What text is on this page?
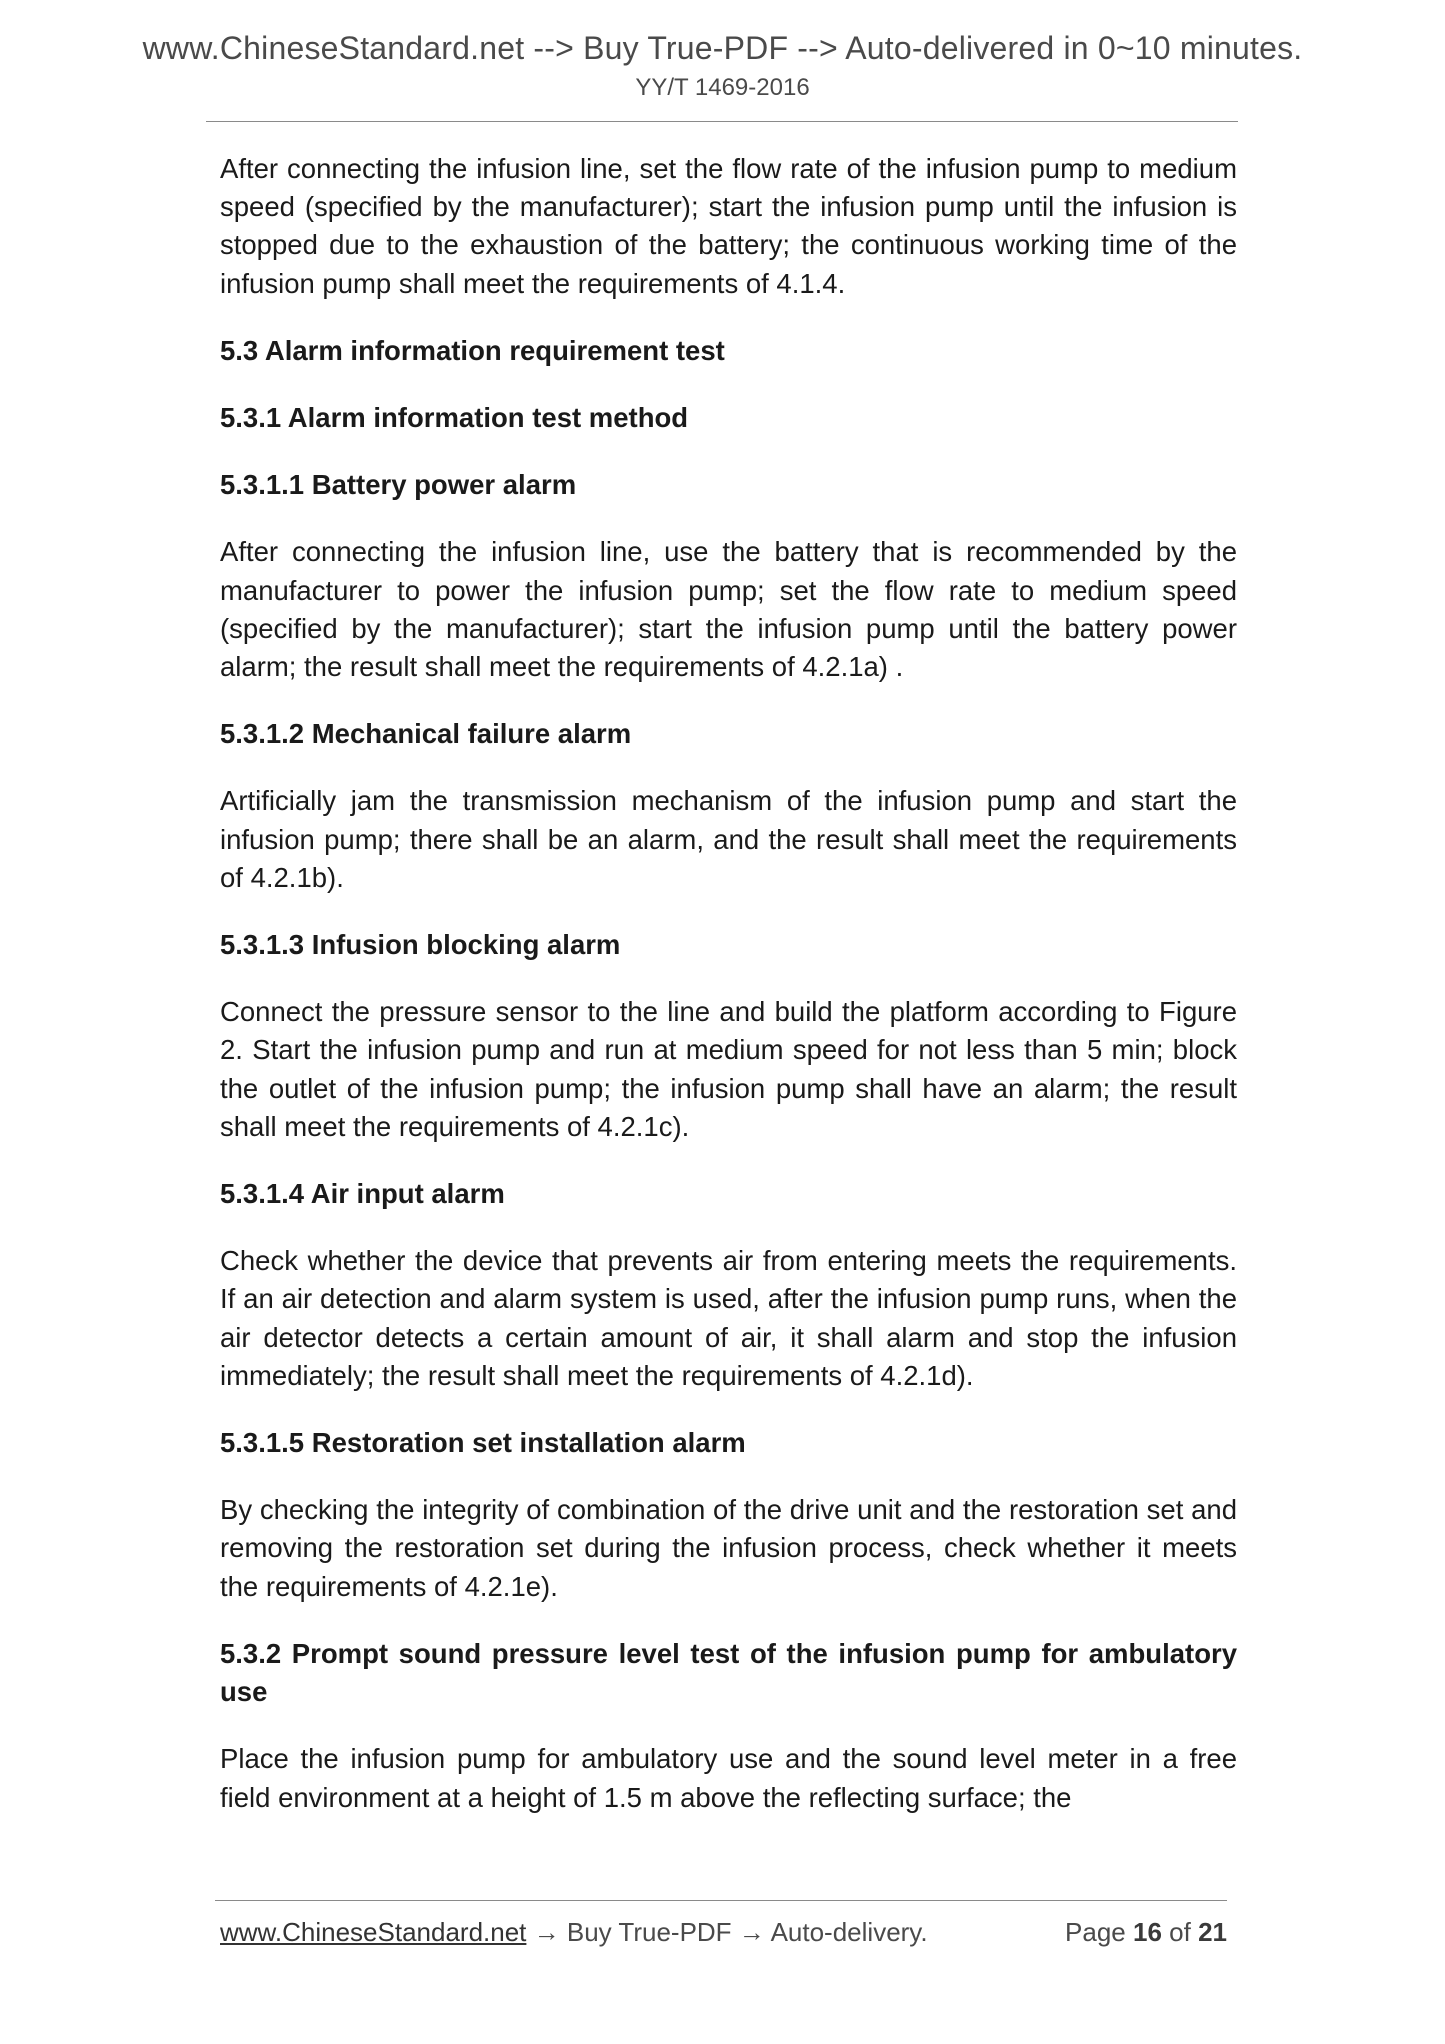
www.ChineseStandard.net --> Buy True-PDF --> Auto-delivered in 0~10 minutes.
YY/T 1469-2016

After connecting the infusion line, set the flow rate of the infusion pump to medium speed (specified by the manufacturer); start the infusion pump until the infusion is stopped due to the exhaustion of the battery; the continuous working time of the infusion pump shall meet the requirements of 4.1.4.

5.3 Alarm information requirement test
5.3.1 Alarm information test method
5.3.1.1 Battery power alarm

After connecting the infusion line, use the battery that is recommended by the manufacturer to power the infusion pump; set the flow rate to medium speed (specified by the manufacturer); start the infusion pump until the battery power alarm; the result shall meet the requirements of 4.2.1a) .

5.3.1.2 Mechanical failure alarm

Artificially jam the transmission mechanism of the infusion pump and start the infusion pump; there shall be an alarm, and the result shall meet the requirements of 4.2.1b).

5.3.1.3 Infusion blocking alarm

Connect the pressure sensor to the line and build the platform according to Figure 2. Start the infusion pump and run at medium speed for not less than 5 min; block the outlet of the infusion pump; the infusion pump shall have an alarm; the result shall meet the requirements of 4.2.1c).

5.3.1.4 Air input alarm

Check whether the device that prevents air from entering meets the requirements. If an air detection and alarm system is used, after the infusion pump runs, when the air detector detects a certain amount of air, it shall alarm and stop the infusion immediately; the result shall meet the requirements of 4.2.1d).

5.3.1.5 Restoration set installation alarm

By checking the integrity of combination of the drive unit and the restoration set and removing the restoration set during the infusion process, check whether it meets the requirements of 4.2.1e).

5.3.2 Prompt sound pressure level test of the infusion pump for ambulatory use

Place the infusion pump for ambulatory use and the sound level meter in a free field environment at a height of 1.5 m above the reflecting surface; the

www.ChineseStandard.net → Buy True-PDF → Auto-delivery.	Page 16 of 21
